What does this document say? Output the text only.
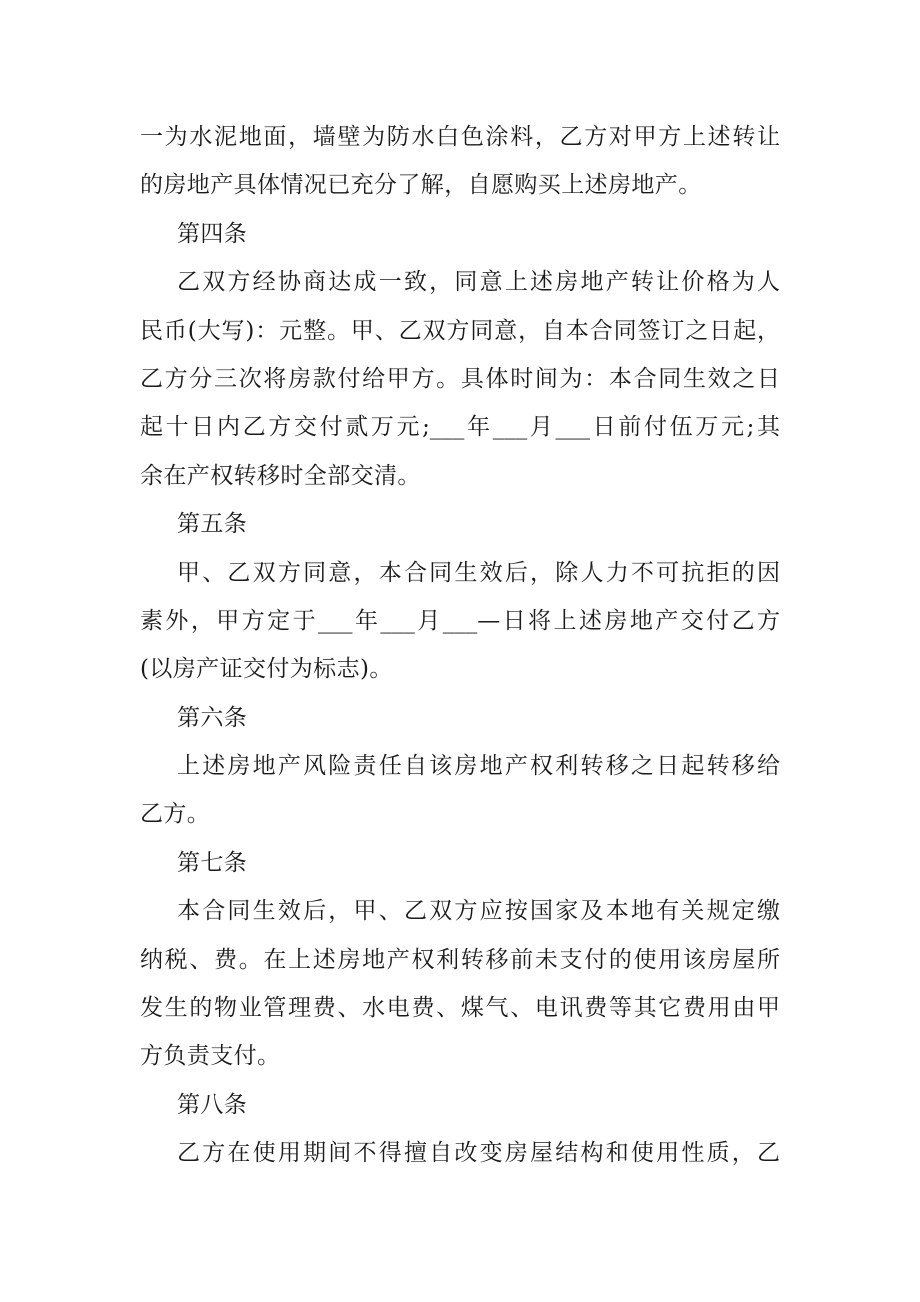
一为水泥地面，墙壁为防水白色涂料，乙方对甲方上述转让
的房地产具体情况已充分了解，自愿购买上述房地产。
第四条
乙双方经协商达成一致，同意上述房地产转让价格为人
民币(大写)：元整。甲、乙双方同意，自本合同签订之日起，
乙方分三次将房款付给甲方。具体时间为：本合同生效之日
起十日内乙方交付贰万元;___年___月___日前付伍万元;其
余在产权转移时全部交清。
第五条
甲、乙双方同意，本合同生效后，除人力不可抗拒的因
素外，甲方定于___年___月___—日将上述房地产交付乙方
(以房产证交付为标志)。
第六条
上述房地产风险责任自该房地产权利转移之日起转移给
乙方。
第七条
本合同生效后，甲、乙双方应按国家及本地有关规定缴
纳税、费。在上述房地产权利转移前未支付的使用该房屋所
发生的物业管理费、水电费、煤气、电讯费等其它费用由甲
方负责支付。
第八条
乙方在使用期间不得擅自改变房屋结构和使用性质，乙
